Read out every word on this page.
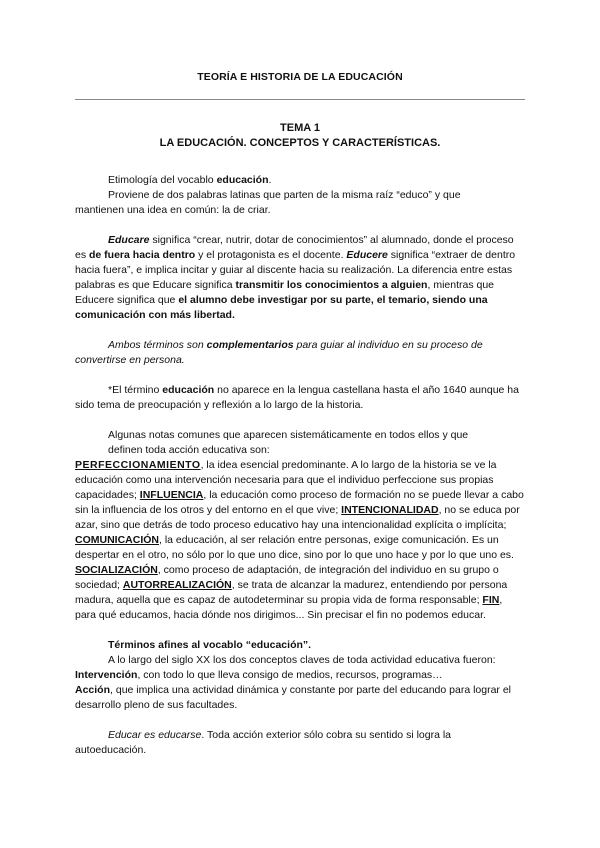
TEORÍA E HISTORIA DE LA EDUCACIÓN
TEMA 1
LA EDUCACIÓN. CONCEPTOS Y CARACTERÍSTICAS.

Etimología del vocablo educación.

Proviene de dos palabras latinas que parten de la misma raíz “educo” y que

mantienen una idea en común: la de criar.

Educare significa “crear, nutrir, dotar de conocimientos” al alumnado, donde el proceso es de fuera hacia dentro y el protagonista es el docente. Educere significa “extraer de dentro hacia fuera”, e implica incitar y guiar al discente hacia su realización. La diferencia entre estas palabras es que Educare significa transmitir los conocimientos a alguien, mientras que Educere significa que el alumno debe investigar por su parte, el temario, siendo una comunicación con más libertad.

Ambos términos son complementarios para guiar al individuo en su proceso de convertirse en persona.

*El término educación no aparece en la lengua castellana hasta el año 1640 aunque ha sido tema de preocupación y reflexión a lo largo de la historia.

Algunas notas comunes que aparecen sistemáticamente en todos ellos y que

definen toda acción educativa son:

PERFECCIONAMIENTO, la idea esencial predominante. A lo largo de la historia se ve la educación como una intervención necesaria para que el individuo perfeccione sus propias capacidades; INFLUENCIA, la educación como proceso de formación no se puede llevar a cabo sin la influencia de los otros y del entorno en el que vive; INTENCIONALIDAD, no se educa por azar, sino que detrás de todo proceso educativo hay una intencionalidad explícita o implícita; COMUNICACIÓN, la educación, al ser relación entre personas, exige comunicación. Es un despertar en el otro, no sólo por lo que uno dice, sino por lo que uno hace y por lo que uno es. SOCIALIZACIÓN, como proceso de adaptación, de integración del individuo en su grupo o sociedad; AUTORREALIZACIÓN, se trata de alcanzar la madurez, entendiendo por persona madura, aquella que es capaz de autodeterminar su propia vida de forma responsable; FIN, para qué educamos, hacia dónde nos dirigimos... Sin precisar el fin no podemos educar.

Términos afines al vocablo “educación”.

A lo largo del siglo XX los dos conceptos claves de toda actividad educativa fueron:

Intervención, con todo lo que lleva consigo de medios, recursos, programas…

Acción, que implica una actividad dinámica y constante por parte del educando para lograr el desarrollo pleno de sus facultades.

Educar es educarse. Toda acción exterior sólo cobra su sentido si logra la autoeducación.
